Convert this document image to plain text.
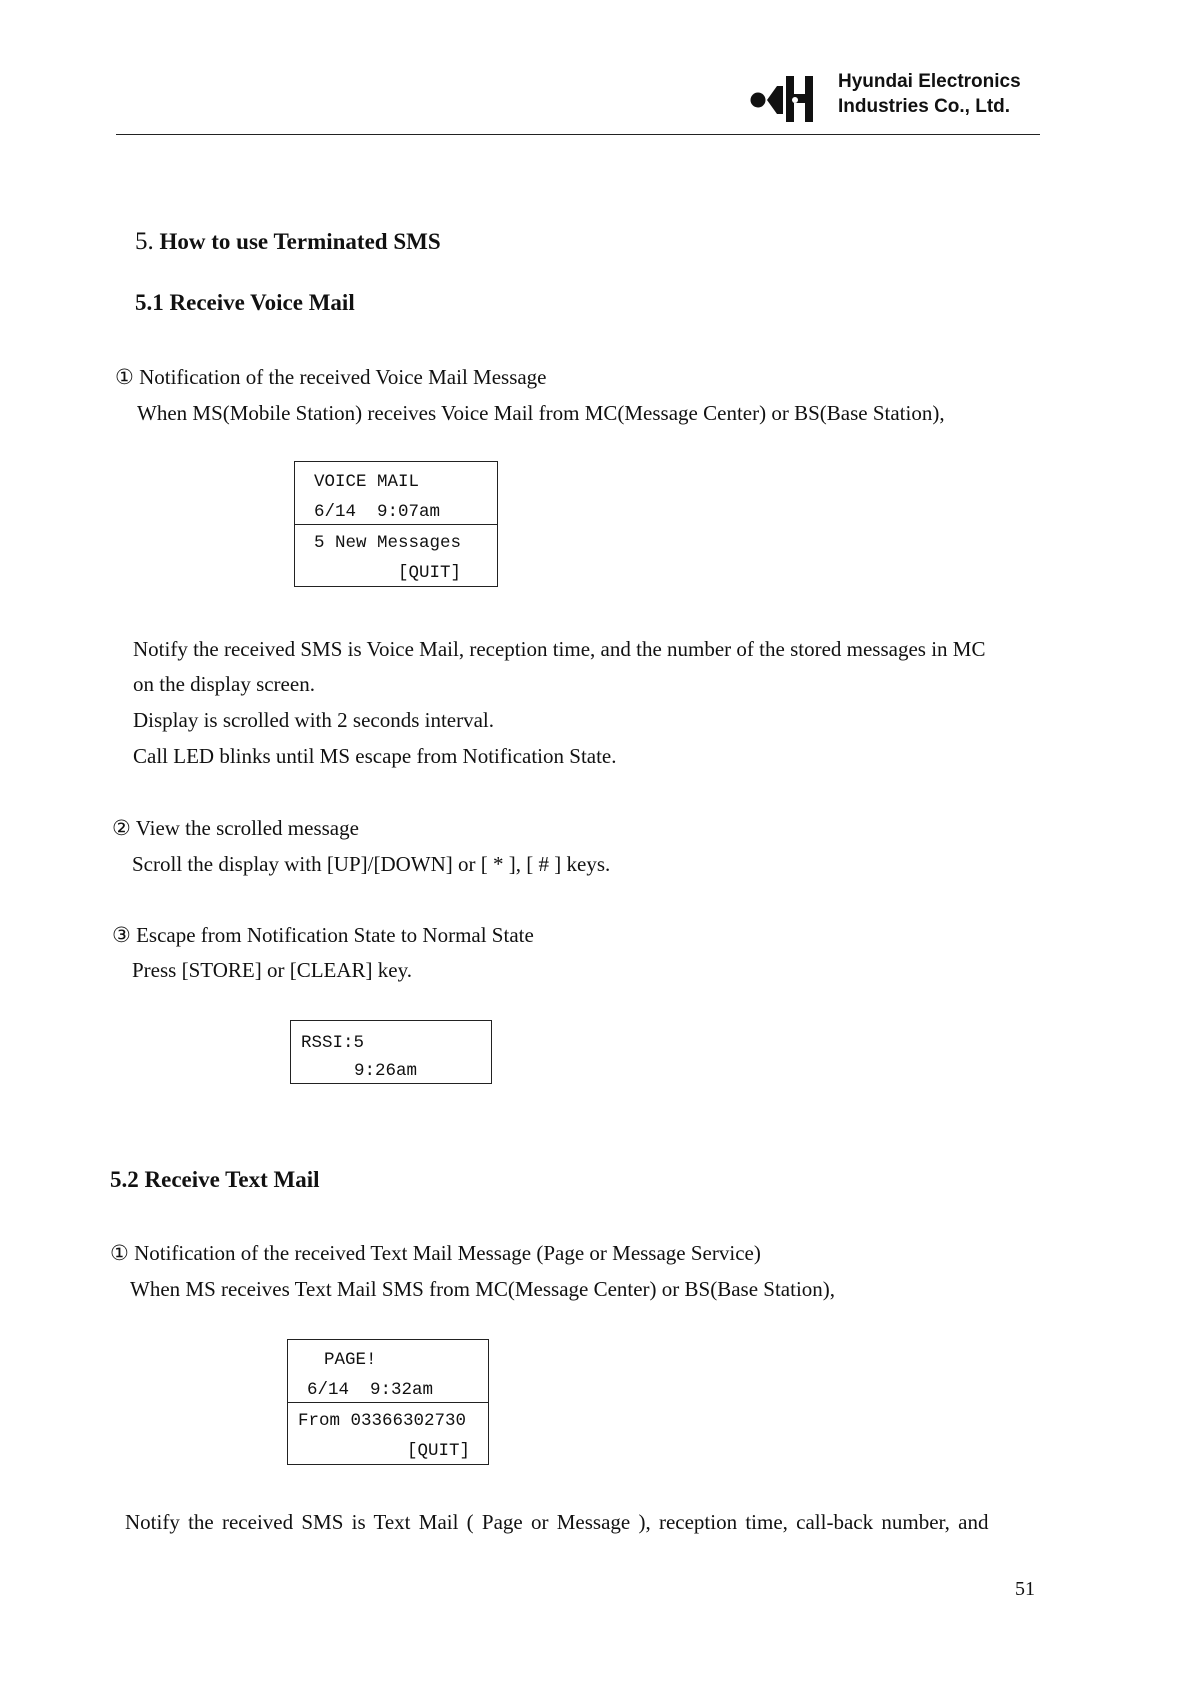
Hyundai Electronics
Industries Co., Ltd.
5. How to use Terminated SMS
5.1 Receive Voice Mail
① Notification of the received Voice Mail Message
When MS(Mobile Station) receives Voice Mail from MC(Message Center) or BS(Base Station),
VOICE MAIL
6/14  9:07am
5 New Messages
[QUIT]
Notify the received SMS is Voice Mail, reception time, and the number of the stored messages in MC
on the display screen.
Display is scrolled with 2 seconds interval.
Call LED blinks until MS escape from Notification State.
② View the scrolled message
Scroll the display with [UP]/[DOWN] or [ * ], [ # ] keys.
③ Escape from Notification State to Normal State
Press [STORE] or [CLEAR] key.
RSSI:5
9:26am
5.2 Receive Text Mail
① Notification of the received Text Mail Message (Page or Message Service)
When MS receives Text Mail SMS from MC(Message Center) or BS(Base Station),
PAGE!
6/14  9:32am
From 03366302730
[QUIT]
Notify the received SMS is Text Mail ( Page or Message ), reception time, call-back number, and
51
